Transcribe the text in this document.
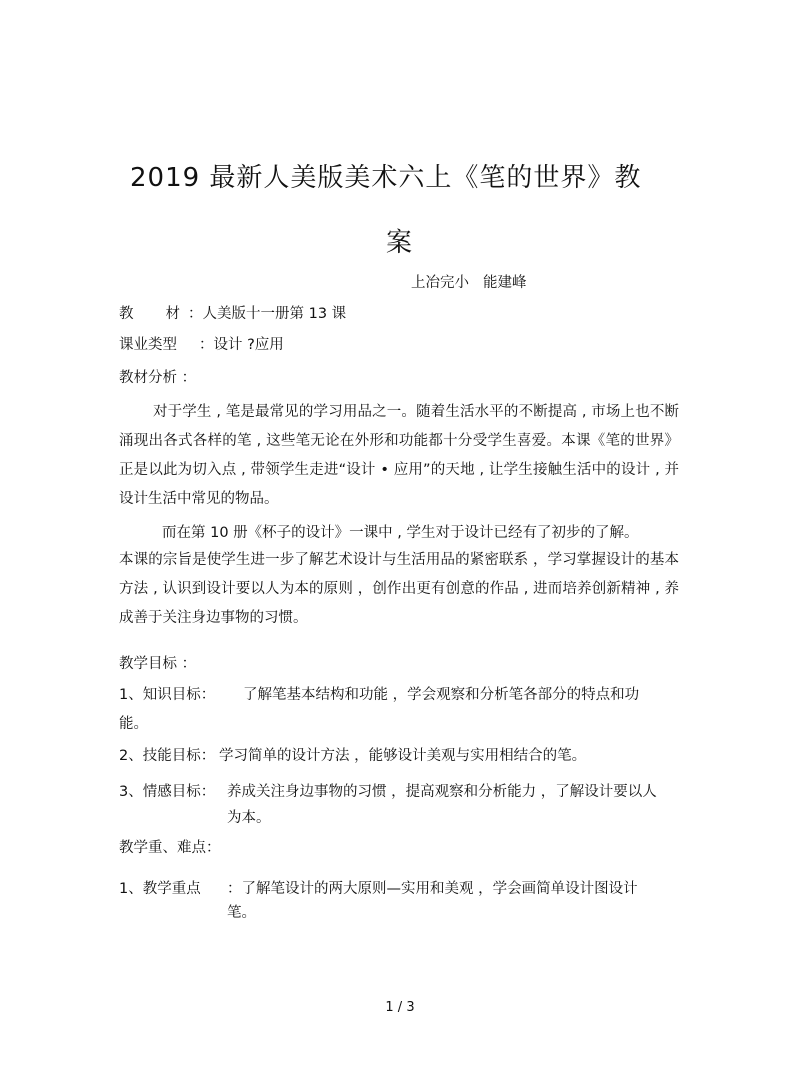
2019 最新人美版美术六上《笔的世界》教
案
上冶完小 能建峰
教 材 ：人美版十一册第 13 课
课业类型 ：设计 ?应用
教材分析 ：
对于学生 , 笔是最常见的学习用品之一。随着生活水平的不断提高 , 市场上也不断涌现出各式各样的笔 , 这些笔无论在外形和功能都十分受学生喜爱。本课《笔的世界》正是以此为切入点 , 带领学生走进“设计 • 应用”的天地 , 让学生接触生活中的设计 , 并设计生活中常见的物品。
而在第 10 册《杯子的设计》一课中 , 学生对于设计已经有了初步的了解。
本课的宗旨是使学生进一步了解艺术设计与生活用品的紧密联系 ，学习掌握设计的基本方法 , 认识到设计要以人为本的原则 ，创作出更有创意的作品 , 进而培养创新精神 , 养成善于关注身边事物的习惯。
教学目标 ：
1、知识目标： 了解笔基本结构和功能 ，学会观察和分析笔各部分的特点和功
能。
2、技能目标： 学习简单的设计方法 ，能够设计美观与实用相结合的笔。
3、情感目标： 养成关注身边事物的习惯 ，提高观察和分析能力 ，了解设计要以人
为本。
教学重、难点：
1、教学重点 ：了解笔设计的两大原则—实用和美观 ，学会画简单设计图设计
笔。
1 / 3
